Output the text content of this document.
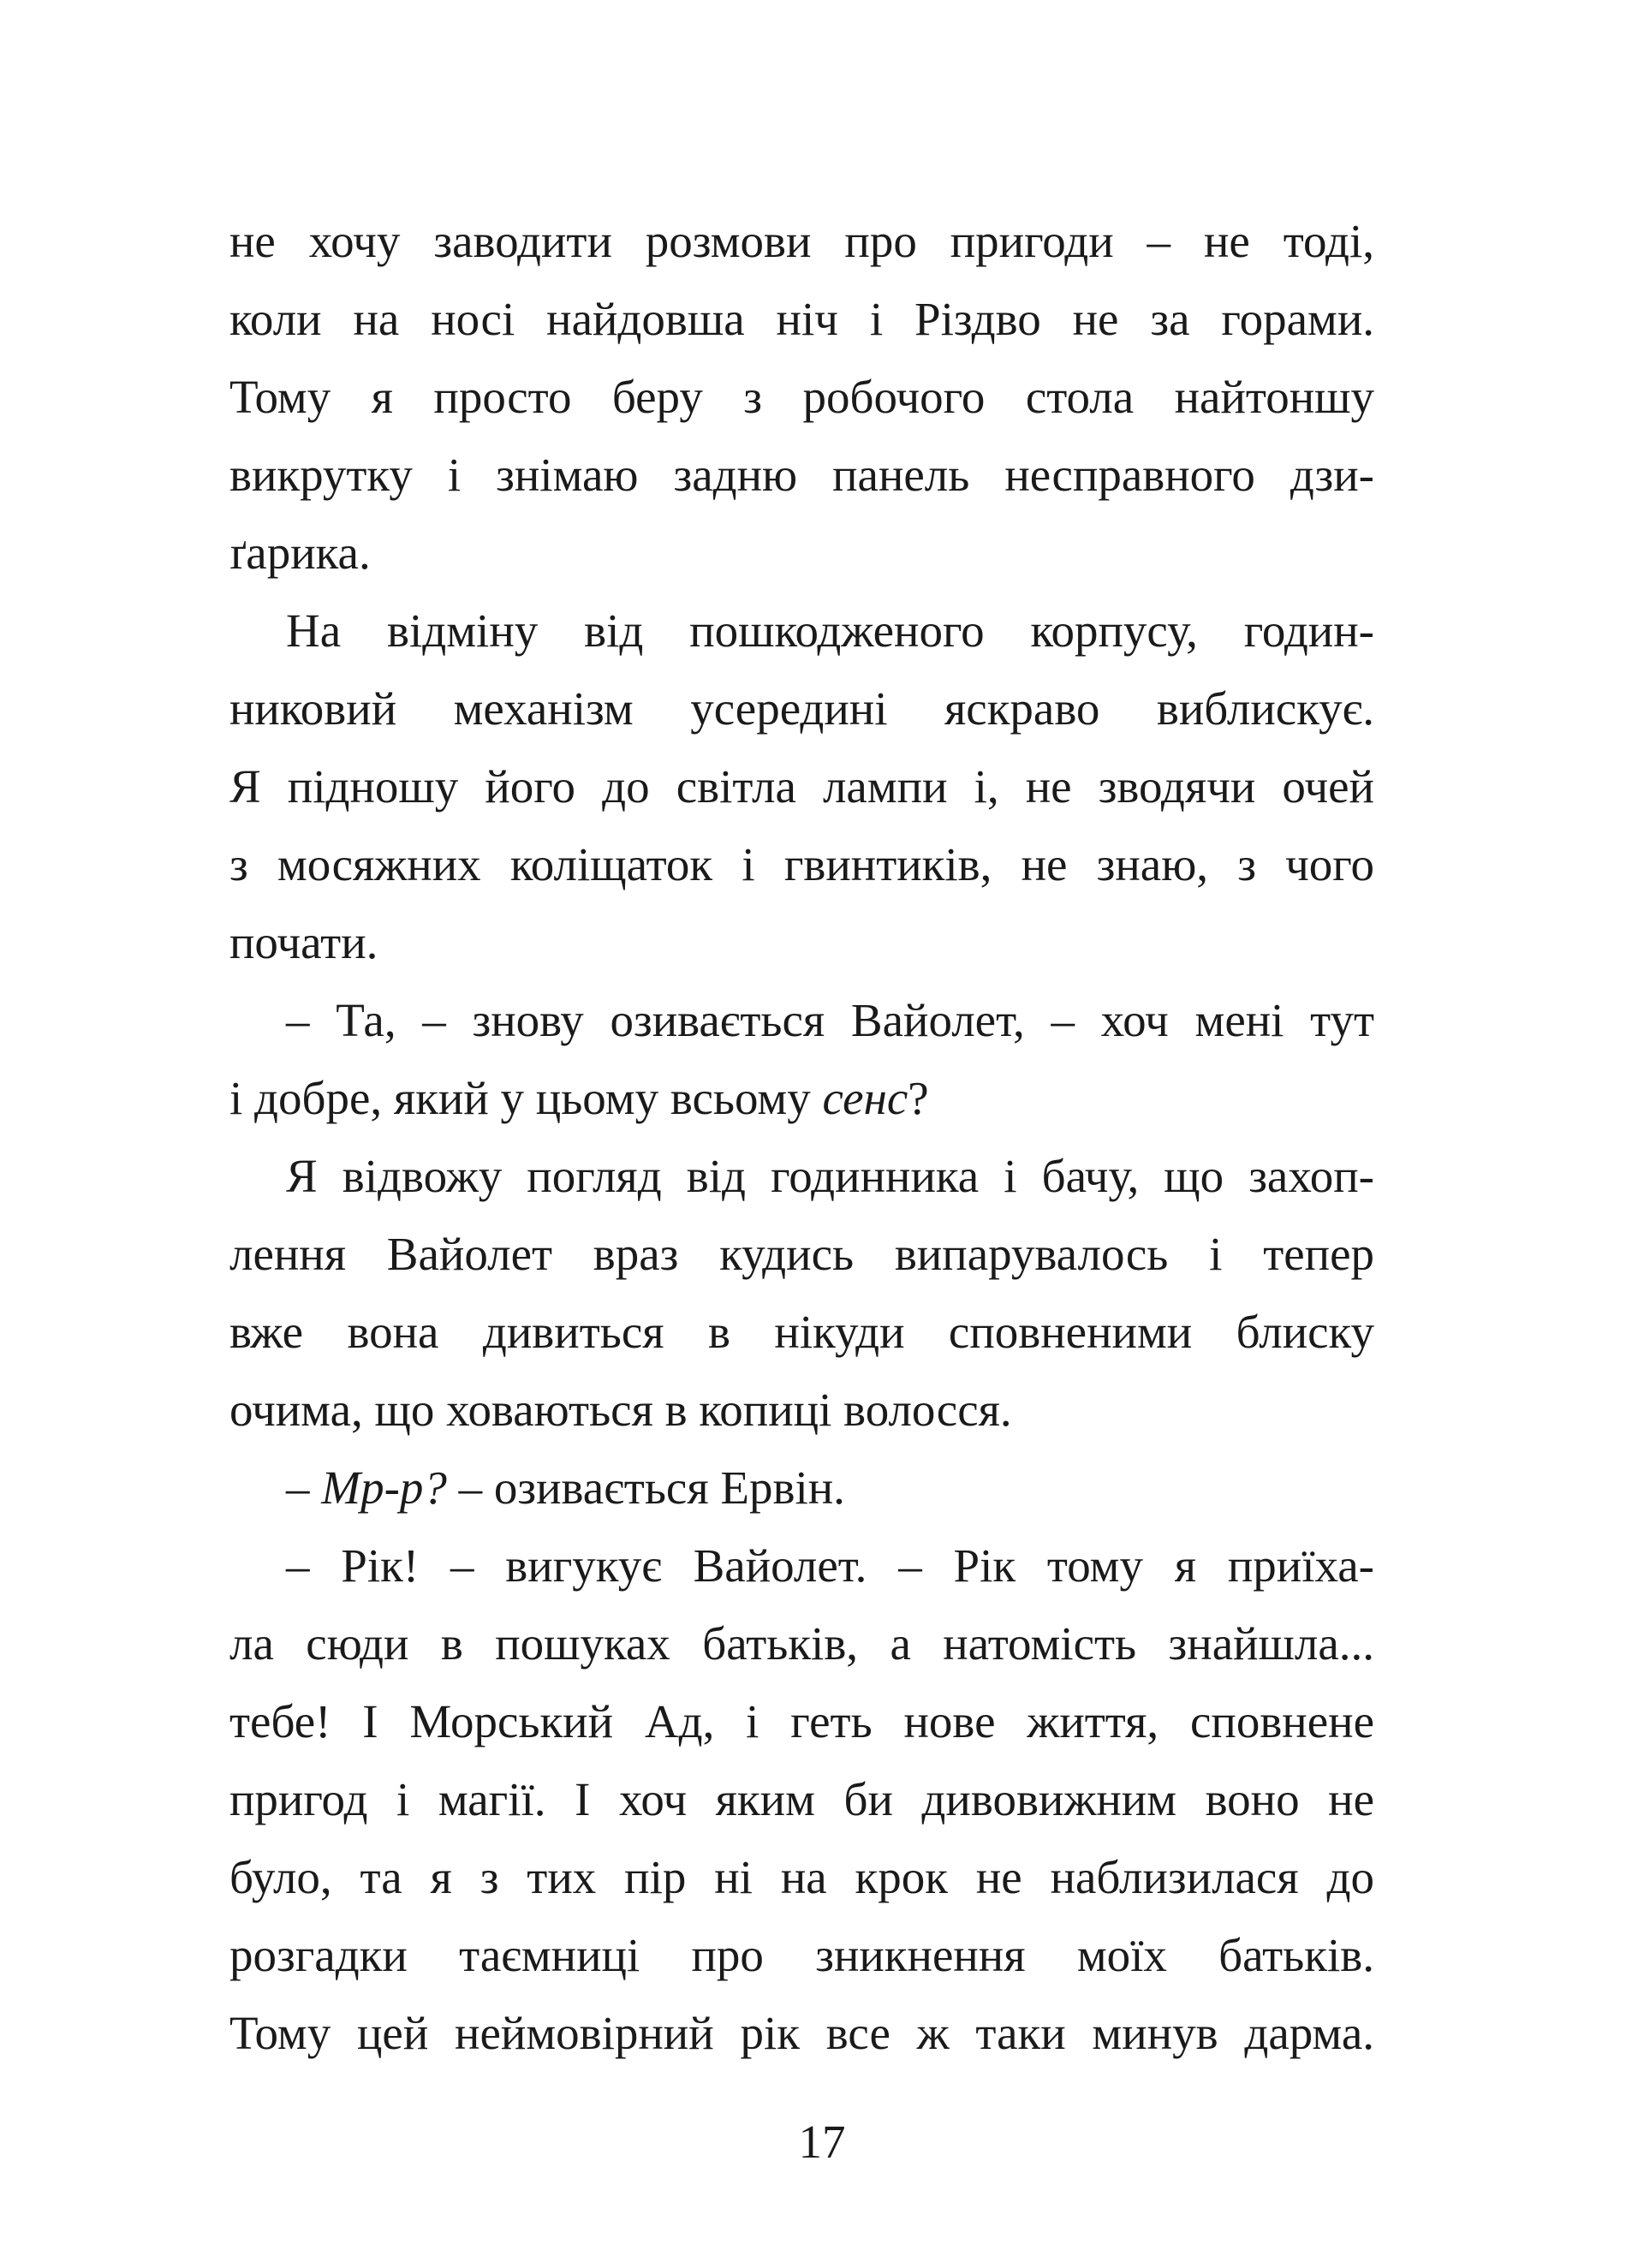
не хочу заводити розмови про пригоди – не тоді,
коли на носі найдовша ніч і Різдво не за горами.
Тому я просто беру з робочого стола найтоншу
викрутку і знімаю задню панель несправного дзи-
ґарика.
На відміну від пошкодженого корпусу, годин-
никовий механізм усередині яскраво виблискує.
Я підношу його до світла лампи і, не зводячи очей
з мосяжних коліщаток і гвинтиків, не знаю, з чого
почати.
– Та, – знову озивається Вайолет, – хоч мені тут
і добре, який у цьому всьому сенс?
Я відвожу погляд від годинника і бачу, що захоп-
лення Вайолет враз кудись випарувалось і тепер
вже вона дивиться в нікуди сповненими блиску
очима, що ховаються в копиці волосся.
– Мр-р? – озивається Ервін.
– Рік! – вигукує Вайолет. – Рік тому я приїха-
ла сюди в пошуках батьків, а натомість знайшла...
тебе! І Морський Ад, і геть нове життя, сповнене
пригод і магії. І хоч яким би дивовижним воно не
було, та я з тих пір ні на крок не наблизилася до
розгадки таємниці про зникнення моїх батьків.
Тому цей неймовірний рік все ж таки минув дарма.
17
